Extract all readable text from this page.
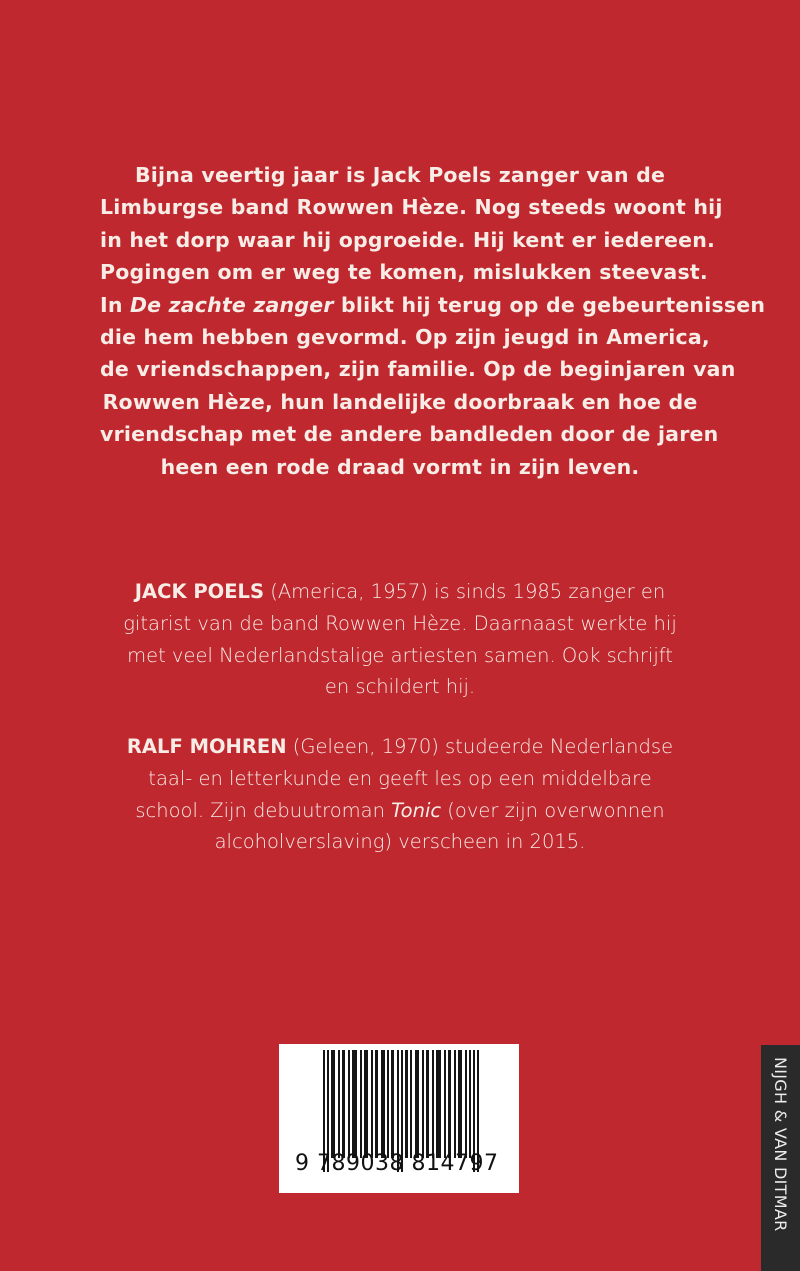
Bijna veertig jaar is Jack Poels zanger van de
Limburgse band Rowwen Hèze. Nog steeds woont hij
in het dorp waar hij opgroeide. Hij kent er iedereen.
Pogingen om er weg te komen, mislukken steevast.
In De zachte zanger blikt hij terug op de gebeurtenissen
die hem hebben gevormd. Op zijn jeugd in America,
de vriendschappen, zijn familie. Op de beginjaren van
Rowwen Hèze, hun landelijke doorbraak en hoe de
vriendschap met de andere bandleden door de jaren
heen een rode draad vormt in zijn leven.
JACK POELS (America, 1957) is sinds 1985 zanger en
gitarist van de band Rowwen Hèze. Daarnaast werkte hij
met veel Nederlandstalige artiesten samen. Ook schrijft
en schildert hij.
RALF MOHREN (Geleen, 1970) studeerde Nederlandse
taal- en letterkunde en geeft les op een middelbare
school. Zijn debuutroman Tonic (over zijn overwonnen
alcoholverslaving) verscheen in 2015.
9 789038 814797	NIJGH & VAN DITMAR
